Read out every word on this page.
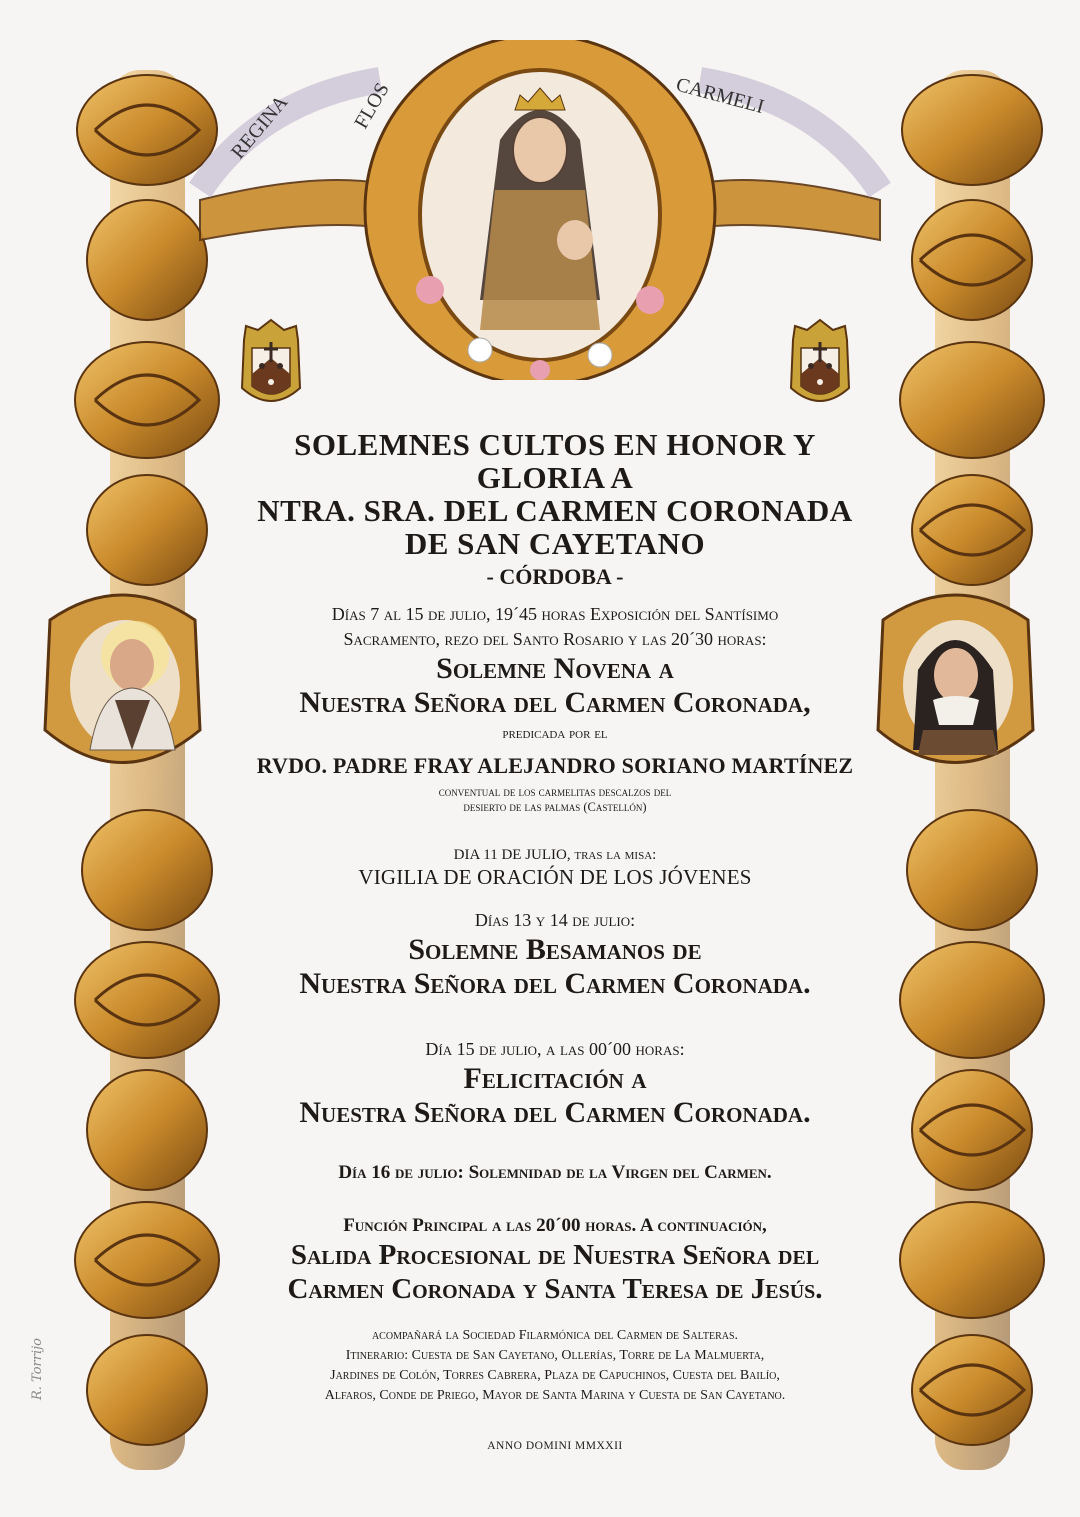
REGINA	FLOS	CARMELI

SOLEMNES CULTOS EN HONOR Y GLORIA A

NTRA. SRA. DEL CARMEN CORONADA

DE SAN CAYETANO

- CÓRDOBA -

Días 7 al 15 de julio, 19´45 horas Exposición del Santísimo

Sacramento, rezo del Santo Rosario y las 20´30 horas:

Solemne Novena a

Nuestra Señora del Carmen Coronada,

predicada por el

RVDO. PADRE FRAY ALEJANDRO SORIANO MARTÍNEZ

conventual de los carmelitas descalzos del

desierto de las palmas (Castellón)

DIA 11 DE JULIO, tras la misa:

VIGILIA DE ORACIÓN DE LOS JÓVENES

Días 13 y 14 de julio:

Solemne Besamanos de

Nuestra Señora del Carmen Coronada.

Día 15 de julio, a las 00´00 horas:

Felicitación a

Nuestra Señora del Carmen Coronada.

Día 16 de julio: Solemnidad de la Virgen del Carmen.

Función Principal a las 20´00 horas. A continuación,

Salida Procesional de Nuestra Señora del

Carmen Coronada y Santa Teresa de Jesús.

acompañará la Sociedad Filarmónica del Carmen de Salteras.

Itinerario: Cuesta de San Cayetano, Ollerías, Torre de La Malmuerta,

Jardines de Colón, Torres Cabrera, Plaza de Capuchinos, Cuesta del Bailío,

Alfaros, Conde de Priego, Mayor de Santa Marina y Cuesta de San Cayetano.

ANNO DOMINI MMXXII

R. Torrijo
